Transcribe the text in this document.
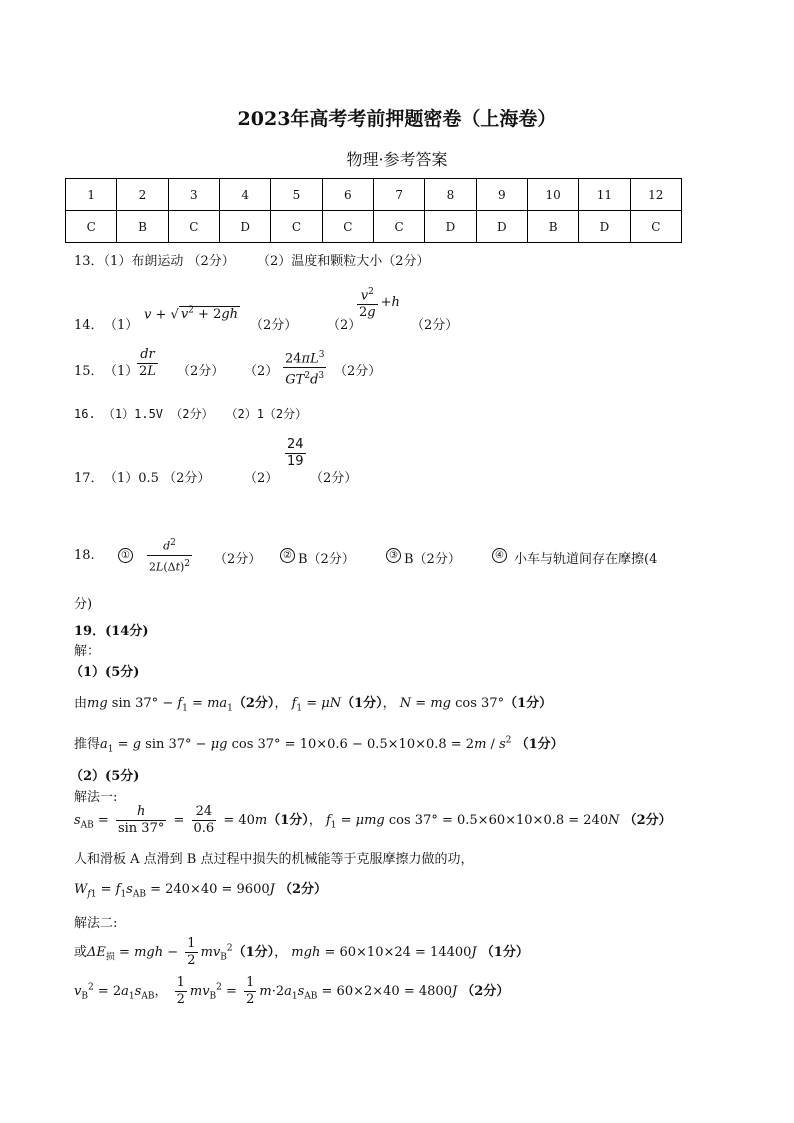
2023年高考考前押题密卷（上海卷）
物理·参考答案
1	2	3	4	5	6	7	8	9	10	11	12
C	B	C	D	C	C	C	D	D	B	D	C
13．（1）布朗运动 （2分） （2）温度和颗粒大小（2分）
14． （1）
v + √ $v^2 + 2gh$
（2分） （2）
$\frac{v^2}{2g} +h$
（2分）
15． （1）
$\frac{dr}{2L} (2$分） $(2) \frac{24\pi L^3}{GT^2d^3} (2$分）
16. （1）1.5V （2分）　　（2）1（2分）
17． （1）0.5 （2分）	（2）
$\frac{24}{19}$
（2分）
18.	① $\frac{d^2}{2L(\Delta t)^2} (2$分）	② B（2分）	③ B（2分）	④ 小车与轨道间存在摩擦(4
分)
19．(14分)
解：
（1）(5分)
由mg $\sin 37^\circ - f_1 = ma_1(2$分）， $f_1 = \mu N(1$分）， N = mg cos 37°（1分）
推得$a_1 = g$ sin 37° − μg $\cos 37^\circ = 10\times 0.6 - 0.5\times 10\times 0.8 = 2m / s^2$ （1分）
（2）(5分)
解法一:
$s_{AB} = \frac{h}{\sin 37^\circ} = \frac{24}{0.6} = 40m(1$分）， $f_1 = \mu mg$ cos 37° = 0.5×60×10×0.8 = 240N （2分）
人和滑板 A 点滑到 B 点过程中损失的机械能等于克服摩擦力做的功，
$W_{f1} = f_1s_{AB} = 240\times 40 = 9600J$ （2分）
解法二:
或$\Delta E_损$ = mgh − $\frac{1}{2} mv_B^2(1$分）， mgh = 60×10×24 = 14400J （1分）
$v_B^2 = 2a_1s_{AB}$， $\frac{1}{2} mv_B^2 = \frac{1}{2} m\cdot 2a_1s_{AB} = 60\times 2\times 40 = 4800J$ （2分）
